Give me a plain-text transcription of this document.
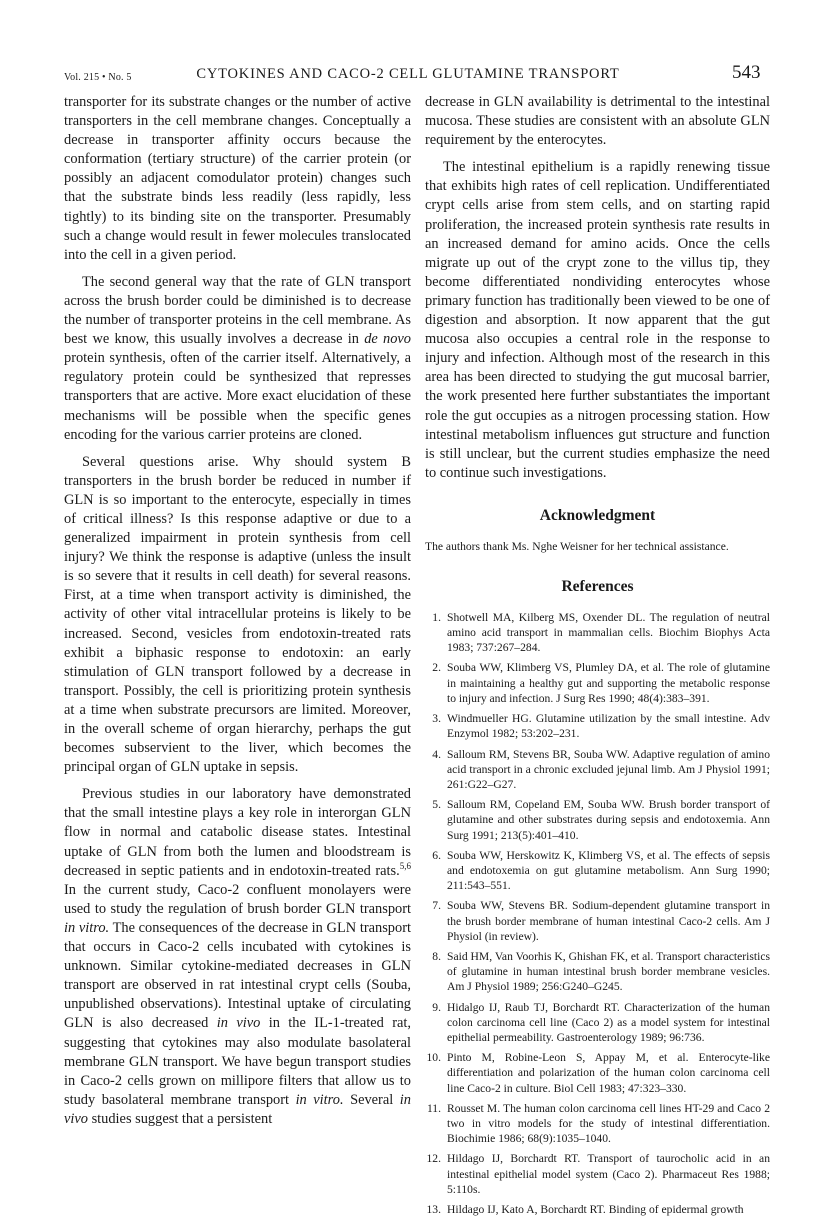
Vol. 215 • No. 5	CYTOKINES AND CACO-2 CELL GLUTAMINE TRANSPORT	543

transporter for its substrate changes or the number of active transporters in the cell membrane changes. Conceptually a decrease in transporter affinity occurs because the conformation (tertiary structure) of the carrier protein (or possibly an adjacent comodulator protein) changes such that the substrate binds less readily (less rapidly, less tightly) to its binding site on the transporter. Presumably such a change would result in fewer molecules translocated into the cell in a given period.

The second general way that the rate of GLN transport across the brush border could be diminished is to decrease the number of transporter proteins in the cell membrane. As best we know, this usually involves a decrease in de novo protein synthesis, often of the carrier itself. Alternatively, a regulatory protein could be synthesized that represses transporters that are active. More exact elucidation of these mechanisms will be possible when the specific genes encoding for the various carrier proteins are cloned.

Several questions arise. Why should system B transporters in the brush border be reduced in number if GLN is so important to the enterocyte, especially in times of critical illness? Is this response adaptive or due to a generalized impairment in protein synthesis from cell injury? We think the response is adaptive (unless the insult is so severe that it results in cell death) for several reasons. First, at a time when transport activity is diminished, the activity of other vital intracellular proteins is likely to be increased. Second, vesicles from endotoxin-treated rats exhibit a biphasic response to endotoxin: an early stimulation of GLN transport followed by a decrease in transport. Possibly, the cell is prioritizing protein synthesis at a time when substrate precursors are limited. Moreover, in the overall scheme of organ hierarchy, perhaps the gut becomes subservient to the liver, which becomes the principal organ of GLN uptake in sepsis.

Previous studies in our laboratory have demonstrated that the small intestine plays a key role in interorgan GLN flow in normal and catabolic disease states. Intestinal uptake of GLN from both the lumen and bloodstream is decreased in septic patients and in endotoxin-treated rats.$^{5,6}$ In the current study, Caco-2 confluent monolayers were used to study the regulation of brush border GLN transport in vitro. The consequences of the decrease in GLN transport that occurs in Caco-2 cells incubated with cytokines is unknown. Similar cytokine-mediated decreases in GLN transport are observed in rat intestinal crypt cells (Souba, unpublished observations). Intestinal uptake of circulating GLN is also decreased in vivo in the IL-1-treated rat, suggesting that cytokines may also modulate basolateral membrane GLN transport. We have begun transport studies in Caco-2 cells grown on millipore filters that allow us to study basolateral membrane transport in vitro. Several in vivo studies suggest that a persistent

decrease in GLN availability is detrimental to the intestinal mucosa. These studies are consistent with an absolute GLN requirement by the enterocytes.

The intestinal epithelium is a rapidly renewing tissue that exhibits high rates of cell replication. Undifferentiated crypt cells arise from stem cells, and on starting rapid proliferation, the increased protein synthesis rate results in an increased demand for amino acids. Once the cells migrate up out of the crypt zone to the villus tip, they become differentiated nondividing enterocytes whose primary function has traditionally been viewed to be one of digestion and absorption. It now apparent that the gut mucosa also occupies a central role in the response to injury and infection. Although most of the research in this area has been directed to studying the gut mucosal barrier, the work presented here further substantiates the important role the gut occupies as a nitrogen processing station. How intestinal metabolism influences gut structure and function is still unclear, but the current studies emphasize the need to continue such investigations.

Acknowledgment

The authors thank Ms. Nghe Weisner for her technical assistance.

References
1. Shotwell MA, Kilberg MS, Oxender DL. The regulation of neutral amino acid transport in mammalian cells. Biochim Biophys Acta 1983; 737:267–284.
2. Souba WW, Klimberg VS, Plumley DA, et al. The role of glutamine in maintaining a healthy gut and supporting the metabolic response to injury and infection. J Surg Res 1990; 48(4):383–391.
3. Windmueller HG. Glutamine utilization by the small intestine. Adv Enzymol 1982; 53:202–231.
4. Salloum RM, Stevens BR, Souba WW. Adaptive regulation of amino acid transport in a chronic excluded jejunal limb. Am J Physiol 1991; 261:G22–G27.
5. Salloum RM, Copeland EM, Souba WW. Brush border transport of glutamine and other substrates during sepsis and endotoxemia. Ann Surg 1991; 213(5):401–410.
6. Souba WW, Herskowitz K, Klimberg VS, et al. The effects of sepsis and endotoxemia on gut glutamine metabolism. Ann Surg 1990; 211:543–551.
7. Souba WW, Stevens BR. Sodium-dependent glutamine transport in the brush border membrane of human intestinal Caco-2 cells. Am J Physiol (in review).
8. Said HM, Van Voorhis K, Ghishan FK, et al. Transport characteristics of glutamine in human intestinal brush border membrane vesicles. Am J Physiol 1989; 256:G240–G245.
9. Hidalgo IJ, Raub TJ, Borchardt RT. Characterization of the human colon carcinoma cell line (Caco 2) as a model system for intestinal epithelial permeability. Gastroenterology 1989; 96:736.
10. Pinto M, Robine-Leon S, Appay M, et al. Enterocyte-like differentiation and polarization of the human colon carcinoma cell line Caco-2 in culture. Biol Cell 1983; 47:323–330.
11. Rousset M. The human colon carcinoma cell lines HT-29 and Caco 2 two in vitro models for the study of intestinal differentiation. Biochimie 1986; 68(9):1035–1040.
12. Hildago IJ, Borchardt RT. Transport of taurocholic acid in an intestinal epithelial model system (Caco 2). Pharmaceut Res 1988; 5:110s.
13. Hildago IJ, Kato A, Borchardt RT. Binding of epidermal growth
